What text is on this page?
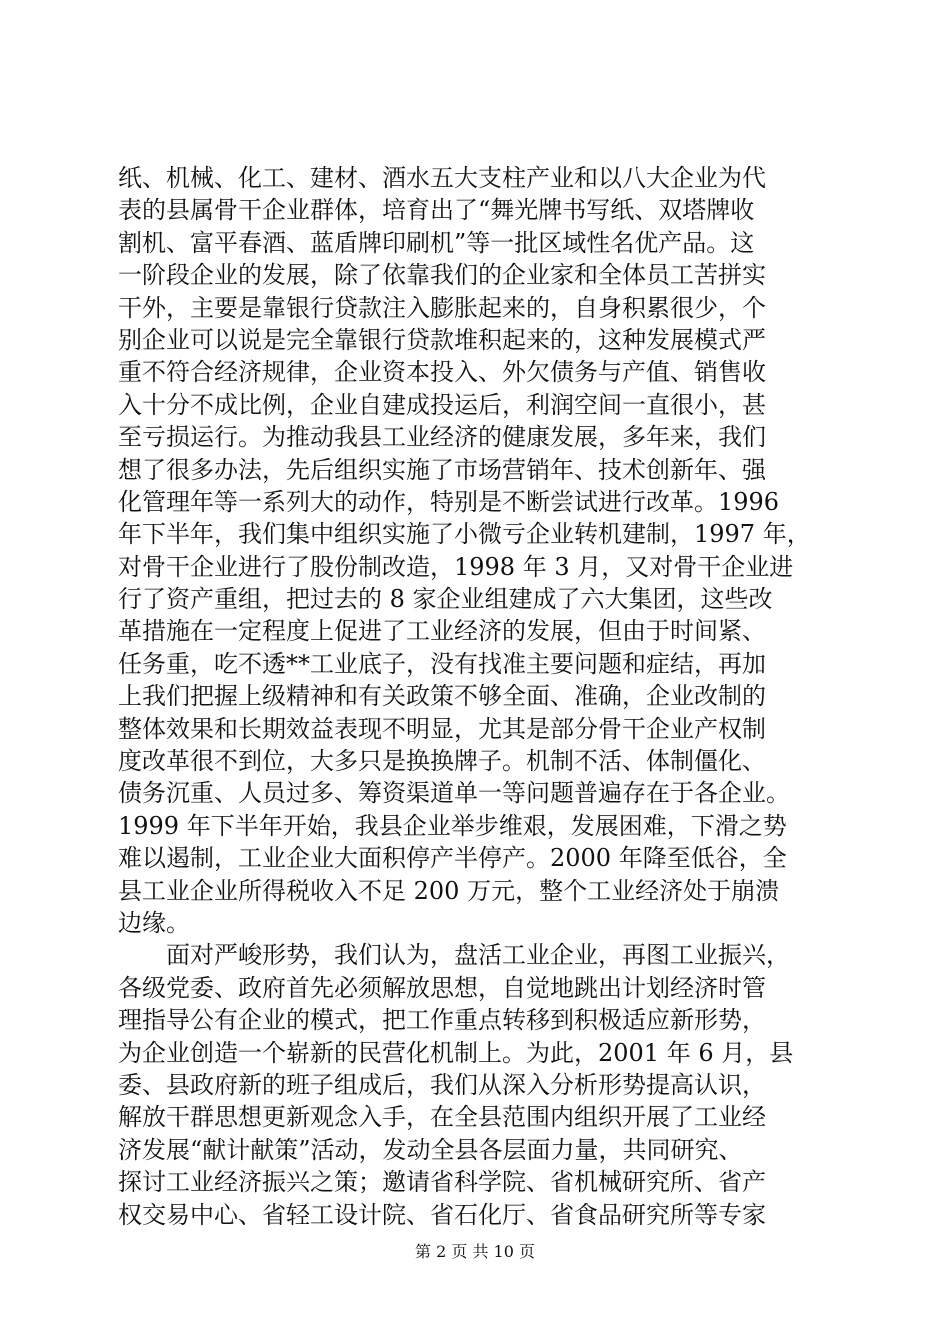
纸、机械、化工、建材、酒水五大支柱产业和以八大企业为代
表的县属骨干企业群体，培育出了“舞光牌书写纸、双塔牌收
割机、富平春酒、蓝盾牌印刷机”等一批区域性名优产品。这
一阶段企业的发展，除了依靠我们的企业家和全体员工苦拼实
干外，主要是靠银行贷款注入膨胀起来的，自身积累很少，个
别企业可以说是完全靠银行贷款堆积起来的，这种发展模式严
重不符合经济规律，企业资本投入、外欠债务与产值、销售收
入十分不成比例，企业自建成投运后，利润空间一直很小，甚
至亏损运行。为推动我县工业经济的健康发展，多年来，我们
想了很多办法，先后组织实施了市场营销年、技术创新年、强
化管理年等一系列大的动作，特别是不断尝试进行改革。1996
年下半年，我们集中组织实施了小微亏企业转机建制，1997 年，
对骨干企业进行了股份制改造，1998 年 3 月，又对骨干企业进
行了资产重组，把过去的 8 家企业组建成了六大集团，这些改
革措施在一定程度上促进了工业经济的发展，但由于时间紧、
任务重，吃不透**工业底子，没有找准主要问题和症结，再加
上我们把握上级精神和有关政策不够全面、准确，企业改制的
整体效果和长期效益表现不明显，尤其是部分骨干企业产权制
度改革很不到位，大多只是换换牌子。机制不活、体制僵化、
债务沉重、人员过多、筹资渠道单一等问题普遍存在于各企业。
1999 年下半年开始，我县企业举步维艰，发展困难，下滑之势
难以遏制，工业企业大面积停产半停产。2000 年降至低谷，全
县工业企业所得税收入不足 200 万元，整个工业经济处于崩溃
边缘。
　　面对严峻形势，我们认为，盘活工业企业，再图工业振兴，
各级党委、政府首先必须解放思想，自觉地跳出计划经济时管
理指导公有企业的模式，把工作重点转移到积极适应新形势，
为企业创造一个崭新的民营化机制上。为此，2001 年 6 月，县
委、县政府新的班子组成后，我们从深入分析形势提高认识，
解放干群思想更新观念入手，在全县范围内组织开展了工业经
济发展“献计献策”活动，发动全县各层面力量，共同研究、
探讨工业经济振兴之策；邀请省科学院、省机械研究所、省产
权交易中心、省轻工设计院、省石化厅、省食品研究所等专家
第 2 页 共 10 页
